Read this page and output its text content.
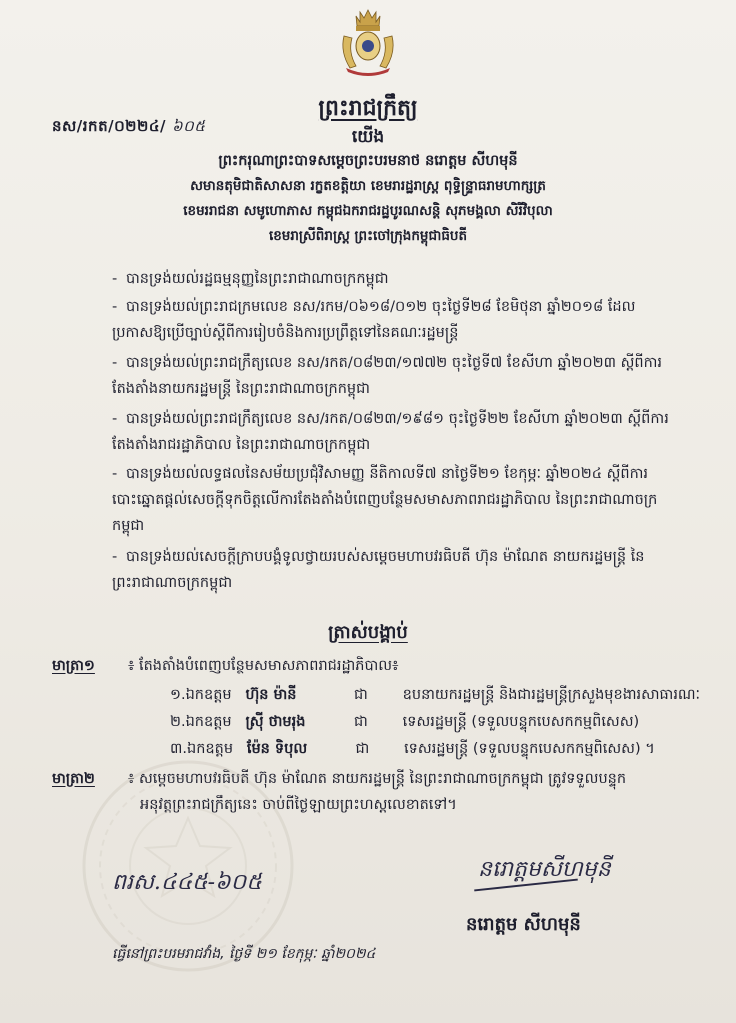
នស/រកត/០២២៤/ ៦០៥
ព្រះរាជក្រឹត្យ
យើង
ព្រះករុណាព្រះបាទសម្តេចព្រះបរមនាថ នរោត្តម សីហមុនី
សមានតុមិជាតិសាសនា រក្ខតខត្តិយា ខេមរារដ្ឋរាស្ត្រ ពុទ្ធិន្ទ្រាធរាមហាក្សត្រ
ខេមររាជនា សមូហោភាស កម្ពុជឯករាជរដ្ឋបូរណសន្តិ សុភមង្គលា សិរីវិបុលា
ខេមរាស្រីពិរាស្ត្រ ព្រះចៅក្រុងកម្ពុជាធិបតី
- បានទ្រង់យល់រដ្ឋធម្មនុញ្ញនៃព្រះរាជាណាចក្រកម្ពុជា
- បានទ្រង់យល់ព្រះរាជក្រមលេខ នស/រកម/០៦១៨/០១២ ចុះថ្ងៃទី២៨ ខែមិថុនា ឆ្នាំ២០១៨ ដែលប្រកាសឱ្យប្រើច្បាប់ស្តីពីការរៀបចំនិងការប្រព្រឹត្តទៅនៃគណៈរដ្ឋមន្ត្រី
- បានទ្រង់យល់ព្រះរាជក្រឹត្យលេខ នស/រកត/០៨២៣/១៧៧២ ចុះថ្ងៃទី៧ ខែសីហា ឆ្នាំ២០២៣ ស្តីពីការតែងតាំងនាយករដ្ឋមន្ត្រី នៃព្រះរាជាណាចក្រកម្ពុជា
- បានទ្រង់យល់ព្រះរាជក្រឹត្យលេខ នស/រកត/០៨២៣/១៩៨១ ចុះថ្ងៃទី២២ ខែសីហា ឆ្នាំ២០២៣ ស្តីពីការតែងតាំងរាជរដ្ឋាភិបាល នៃព្រះរាជាណាចក្រកម្ពុជា
- បានទ្រង់យល់លទ្ធផលនៃសម័យប្រជុំវិសាមញ្ញ នីតិកាលទី៧ នាថ្ងៃទី២១ ខែកុម្ភៈ ឆ្នាំ២០២៤ ស្តីពីការបោះឆ្នោតផ្តល់សេចក្តីទុកចិត្តលើការតែងតាំងបំពេញបន្ថែមសមាសភាពរាជរដ្ឋាភិបាល នៃព្រះរាជាណាចក្រកម្ពុជា
- បានទ្រង់យល់សេចក្តីក្រាបបង្គំទូលថ្វាយរបស់សម្តេចមហាបវរធិបតី ហ៊ុន ម៉ាណែត នាយករដ្ឋមន្ត្រី នៃព្រះរាជាណាចក្រកម្ពុជា
ត្រាស់បង្គាប់
មាត្រា១ ៖ តែងតាំងបំពេញបន្ថែមសមាសភាពរាជរដ្ឋាភិបាល៖
១.ឯកឧត្តម ហ៊ុន ម៉ានី	ជា ឧបនាយករដ្ឋមន្ត្រី និងជារដ្ឋមន្ត្រីក្រសួងមុខងារសាធារណៈ
២.ឯកឧត្តម ស្រ៊ី ថាមរុង	ជា ទេសរដ្ឋមន្ត្រី (ទទួលបន្ទុកបេសកកម្មពិសេស)
៣.ឯកឧត្តម ម៉ែន ទិបុល	ជា ទេសរដ្ឋមន្ត្រី (ទទួលបន្ទុកបេសកកម្មពិសេស) ។
មាត្រា២ ៖ សម្តេចមហាបវរធិបតី ហ៊ុន ម៉ាណែត នាយករដ្ឋមន្ត្រី នៃព្រះរាជាណាចក្រកម្ពុជា ត្រូវទទួលបន្ទុក
អនុវត្តព្រះរាជក្រឹត្យនេះ ចាប់ពីថ្ងៃឡាយព្រះហស្តលេខាតទៅ។
ពរស.៤៤៥-៦០៥
នរោត្តមសីហមុនី
នរោត្តម សីហមុនី
ធ្វើនៅព្រះបរមរាជវាំង, ថ្ងៃទី ២១ ខែកុម្ភៈ ឆ្នាំ២០២៤
